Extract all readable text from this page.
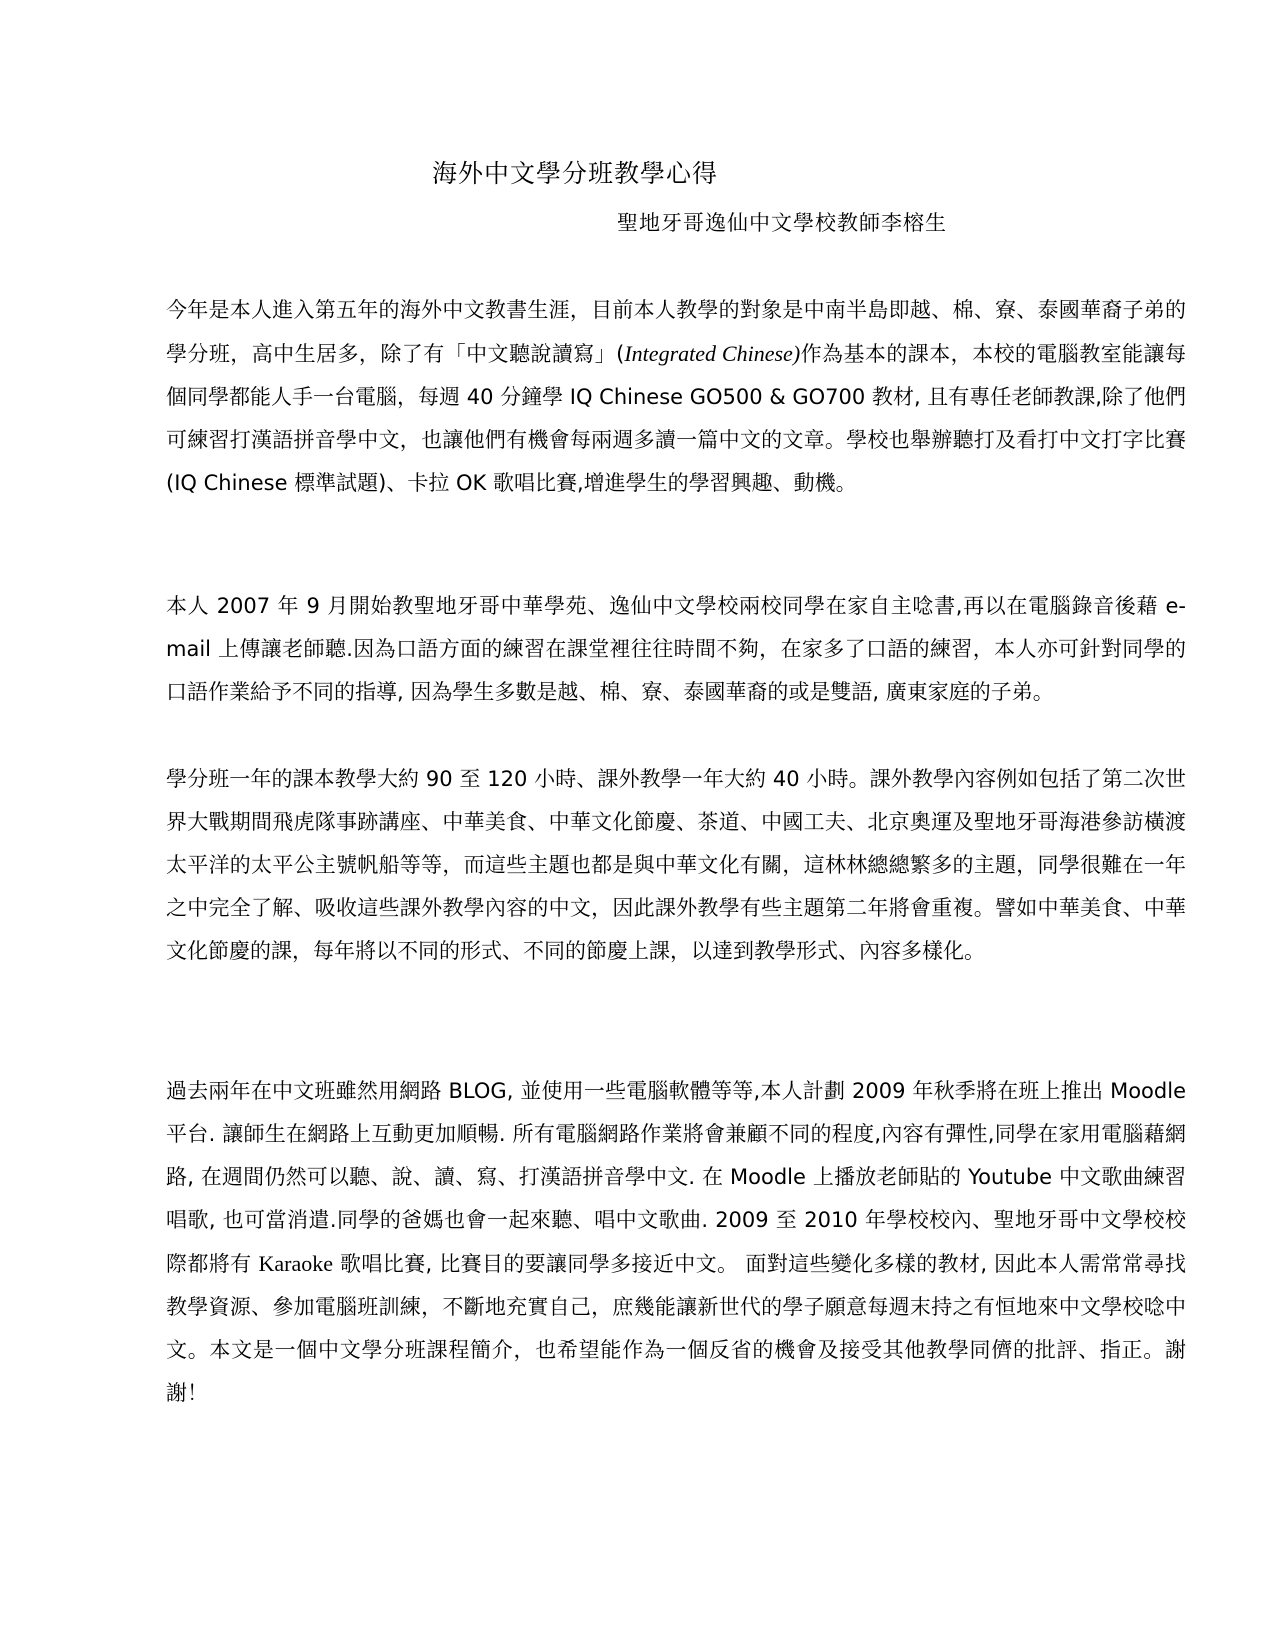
海外中文學分班教學心得
聖地牙哥逸仙中文學校教師李榕生

今年是本人進入第五年的海外中文教書生涯，目前本人教學的對象是中南半島即越、棉、寮、泰國華裔子弟的學分班，高中生居多，除了有「中文聽說讀寫」(Integrated Chinese)作為基本的課本，本校的電腦教室能讓每個同學都能人手一台電腦，每週 40 分鐘學 IQ Chinese GO500 & GO700 教材, 且有專任老師教課,除了他們可練習打漢語拼音學中文，也讓他們有機會每兩週多讀一篇中文的文章。學校也舉辦聽打及看打中文打字比賽(IQ Chinese 標準試題)、卡拉 OK 歌唱比賽,增進學生的學習興趣、動機。

本人 2007 年 9 月開始教聖地牙哥中華學苑、逸仙中文學校兩校同學在家自主唸書,再以在電腦錄音後藉 e-mail 上傳讓老師聽.因為口語方面的練習在課堂裡往往時間不夠，在家多了口語的練習，本人亦可針對同學的口語作業給予不同的指導, 因為學生多數是越、棉、寮、泰國華裔的或是雙語, 廣東家庭的子弟。

學分班一年的課本教學大約 90 至 120 小時、課外教學一年大約 40 小時。課外教學內容例如包括了第二次世界大戰期間飛虎隊事跡講座、中華美食、中華文化節慶、茶道、中國工夫、北京奧運及聖地牙哥海港參訪橫渡太平洋的太平公主號帆船等等，而這些主題也都是與中華文化有關，這林林總總繁多的主題，同學很難在一年之中完全了解、吸收這些課外教學內容的中文，因此課外教學有些主題第二年將會重複。譬如中華美食、中華文化節慶的課，每年將以不同的形式、不同的節慶上課，以達到教學形式、內容多樣化。

過去兩年在中文班雖然用網路 BLOG, 並使用一些電腦軟體等等,本人計劃 2009 年秋季將在班上推出 Moodle 平台. 讓師生在網路上互動更加順暢. 所有電腦網路作業將會兼顧不同的程度,內容有彈性,同學在家用電腦藉網路, 在週間仍然可以聽、說、讀、寫、打漢語拼音學中文. 在 Moodle 上播放老師貼的 Youtube 中文歌曲練習唱歌, 也可當消遣.同學的爸媽也會一起來聽、唱中文歌曲. 2009 至 2010 年學校校內、聖地牙哥中文學校校際都將有 Karaoke 歌唱比賽, 比賽目的要讓同學多接近中文。 面對這些變化多樣的教材, 因此本人需常常尋找教學資源、參加電腦班訓練，不斷地充實自己，庶幾能讓新世代的學子願意每週末持之有恒地來中文學校唸中文。本文是一個中文學分班課程簡介，也希望能作為一個反省的機會及接受其他教學同儕的批評、指正。謝謝！
